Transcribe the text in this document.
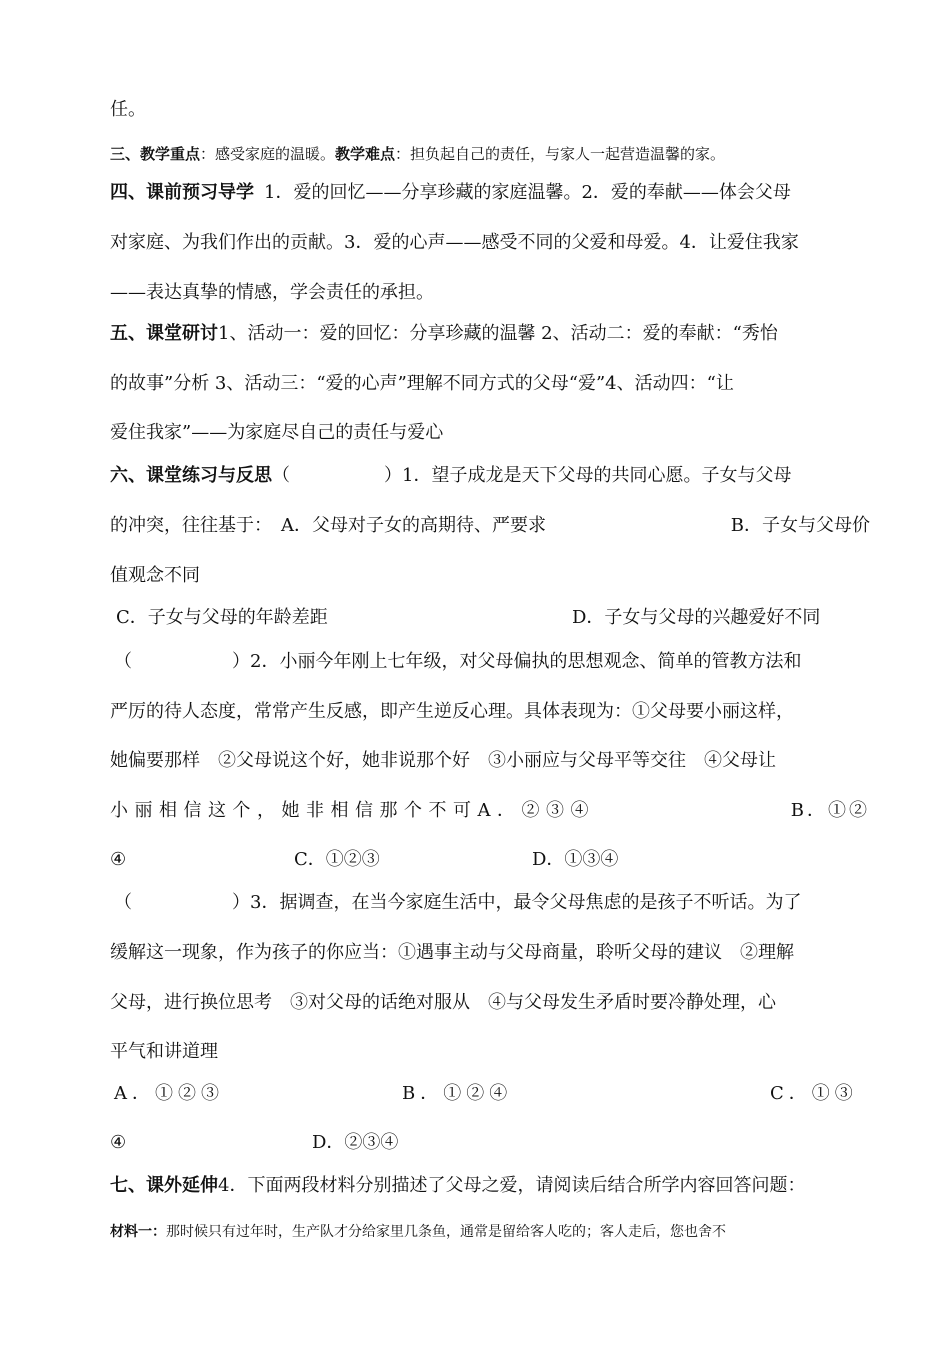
任。
三、教学重点：感受家庭的温暖。教学难点：担负起自己的责任，与家人一起营造温馨的家。
四、课前预习导学 1．爱的回忆——分享珍藏的家庭温馨。2．爱的奉献——体会父母
对家庭、为我们作出的贡献。3．爱的心声——感受不同的父爱和母爱。4．让爱住我家
——表达真挚的情感，学会责任的承担。
五、课堂研讨1、活动一：爱的回忆：分享珍藏的温馨 2、活动二：爱的奉献：“秀怡
的故事”分析 3、活动三：“爱的心声”理解不同方式的父母“爱”4、活动四：“让
爱住我家”——为家庭尽自己的责任与爱心
六、课堂练习与反思（	）1．望子成龙是天下父母的共同心愿。子女与父母
的冲突，往往基于：　A．父母对子女的高期待、严要求	B．子女与父母价
值观念不同
C．子女与父母的年龄差距	D．子女与父母的兴趣爱好不同
（	）2．小丽今年刚上七年级，对父母偏执的思想观念、简单的管教方法和
严厉的待人态度，常常产生反感，即产生逆反心理。具体表现为：①父母要小丽这样，
她偏要那样　②父母说这个好，她非说那个好　③小丽应与父母平等交往　④父母让
小丽相信这个，她非相信那个不可A．②③④	B．①②
④	C．①②③	D．①③④
（	）3．据调查，在当今家庭生活中，最令父母焦虑的是孩子不听话。为了
缓解这一现象，作为孩子的你应当：①遇事主动与父母商量，聆听父母的建议　②理解
父母，进行换位思考　③对父母的话绝对服从　④与父母发生矛盾时要冷静处理，心
平气和讲道理
A．①②③	B．①②④	C．①③
④	D．②③④
七、课外延伸4．下面两段材料分别描述了父母之爱，请阅读后结合所学内容回答问题：
材料一：那时候只有过年时，生产队才分给家里几条鱼，通常是留给客人吃的；客人走后，您也舍不
